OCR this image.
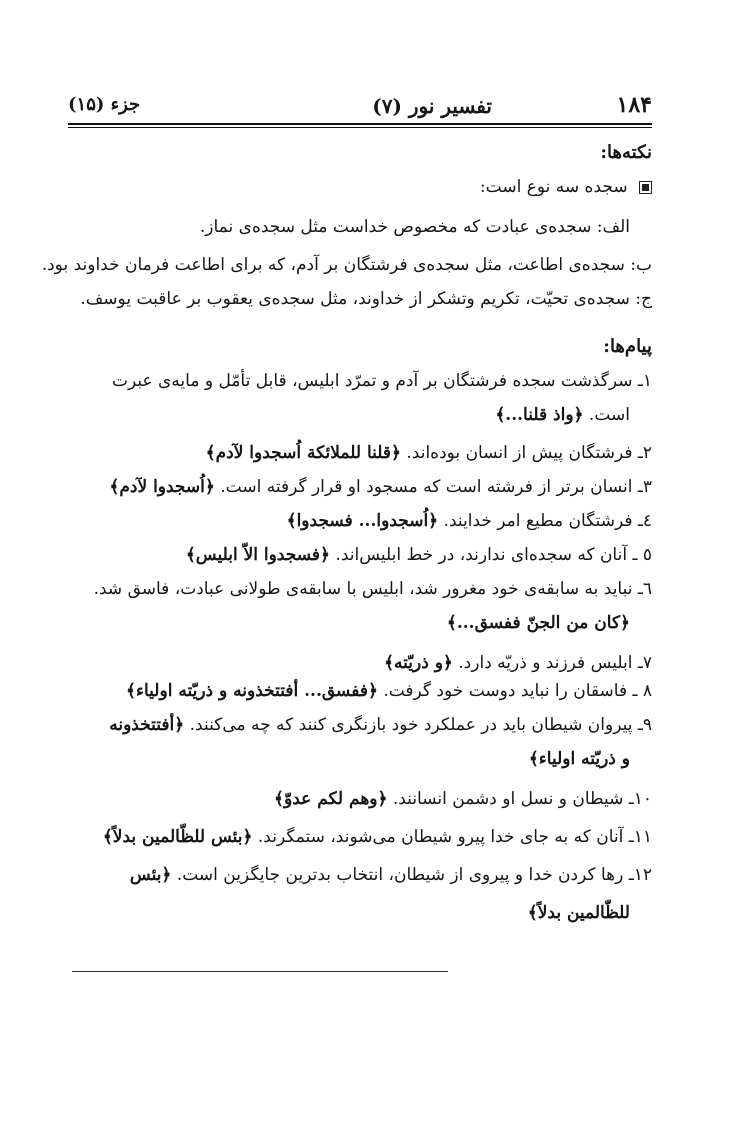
۱۸۴
تفسیر نور (۷)
جزء (۱۵)
نکته‌ها:
سجده سه نوع است:
الف: سجده‌ی عبادت که مخصوص خداست مثل سجده‌ی نماز.
ب: سجده‌ی اطاعت، مثل سجده‌ی فرشتگان بر آدم، که برای اطاعت فرمان خداوند بود.
ج: سجده‌ی تحیّت، تکریم وتشکر از خداوند، مثل سجده‌ی یعقوب بر عاقبت یوسف.
پیام‌ها:
۱ـ سرگذشت سجده فرشتگان بر آدم و تمرّد ابلیس، قابل تأمّل و مایه‌ی عبرت
است. ﴿واذ قلنا...﴾
۲ـ فرشتگان پیش از انسان بوده‌اند. ﴿قلنا للملائکة اُسجدوا لآدم﴾
۳ـ انسان برتر از فرشته است که مسجود او قرار گرفته است. ﴿اُسجدوا لآدم﴾
٤ـ فرشتگان مطیع امر خدایند. ﴿اُسجدوا... فسجدوا﴾
٥ ـ آنان که سجده‌ای ندارند، در خط ابلیس‌اند. ﴿فسجدوا الاّ ابلیس﴾
٦ـ نباید به سابقه‌ی خود مغرور شد، ابلیس با سابقه‌ی طولانی عبادت، فاسق شد.
﴿کان من الجنّ ففسق...﴾
٧ـ ابلیس فرزند و ذریّه دارد. ﴿و ذریّته﴾
٨ ـ فاسقان را نباید دوست خود گرفت. ﴿ففسق... أفتتخذونه و ذریّته اولیاء﴾
٩ـ پیروان شیطان باید در عملکرد خود بازنگری کنند که چه می‌کنند. ﴿أفتتخذونه
و ذریّته اولیاء﴾
١٠ـ شیطان و نسل او دشمن انسانند. ﴿وهم لکم عدوّ﴾
١١ـ آنان که به جای خدا پیرو شیطان می‌شوند، ستمگرند. ﴿بئس للظّالمین بدلاً﴾
١٢ـ رها کردن خدا و پیروی از شیطان، انتخاب بدترین جایگزین است. ﴿بئس
للظّالمین بدلاً﴾
